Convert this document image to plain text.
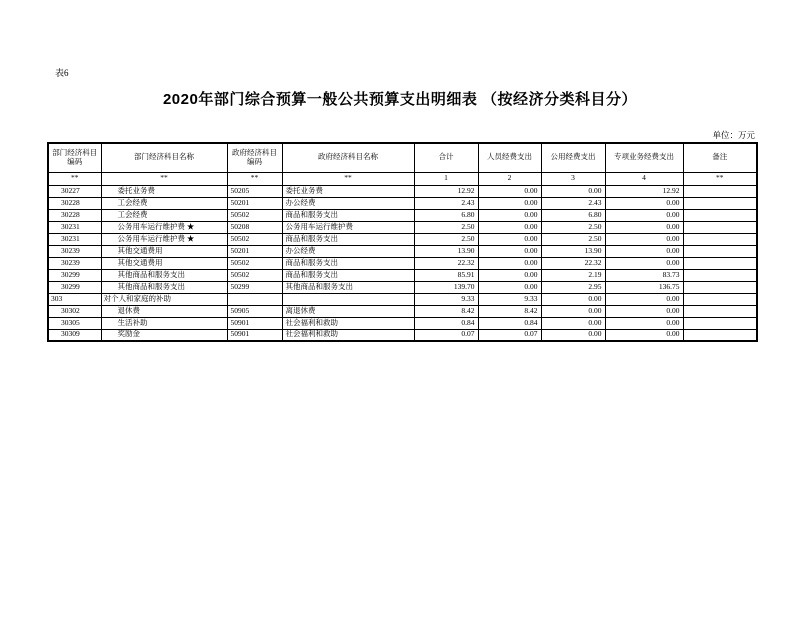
表6
2020年部门综合预算一般公共预算支出明细表 （按经济分类科目分）
单位：万元
部门经济科目编码	部门经济科目名称	政府经济科目编码	政府经济科目名称	合计	人员经费支出	公用经费支出	专项业务经费支出	备注
**	**	**	**	1	2	3	4	**
30227	委托业务费	50205	委托业务费	12.92	0.00	0.00	12.92	
30228	工会经费	50201	办公经费	2.43	0.00	2.43	0.00	
30228	工会经费	50502	商品和服务支出	6.80	0.00	6.80	0.00	
30231	公务用车运行维护费 ★	50208	公务用车运行维护费	2.50	0.00	2.50	0.00	
30231	公务用车运行维护费 ★	50502	商品和服务支出	2.50	0.00	2.50	0.00	
30239	其他交通费用	50201	办公经费	13.90	0.00	13.90	0.00	
30239	其他交通费用	50502	商品和服务支出	22.32	0.00	22.32	0.00	
30299	其他商品和服务支出	50502	商品和服务支出	85.91	0.00	2.19	83.73	
30299	其他商品和服务支出	50299	其他商品和服务支出	139.70	0.00	2.95	136.75	
303	对个人和家庭的补助			9.33	9.33	0.00	0.00	
30302	退休费	50905	离退休费	8.42	8.42	0.00	0.00	
30305	生活补助	50901	社会福利和救助	0.84	0.84	0.00	0.00	
30309	奖励金	50901	社会福利和救助	0.07	0.07	0.00	0.00	
